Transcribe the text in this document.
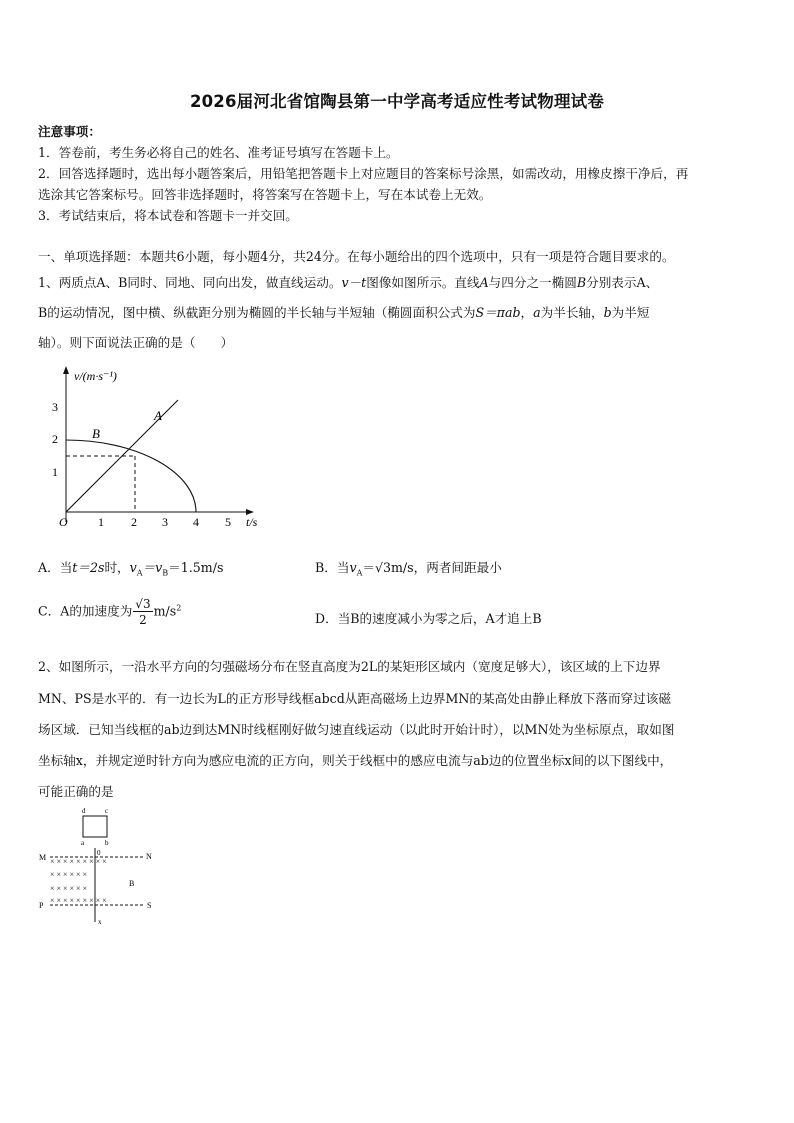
2026届河北省馆陶县第一中学高考适应性考试物理试卷
注意事项：
1．答卷前，考生务必将自己的姓名、准考证号填写在答题卡上。
2．回答选择题时，选出每小题答案后，用铅笔把答题卡上对应题目的答案标号涂黑，如需改动，用橡皮擦干净后，再
选涂其它答案标号。回答非选择题时，将答案写在答题卡上，写在本试卷上无效。
3．考试结束后，将本试卷和答题卡一并交回。
一、单项选择题：本题共6小题，每小题4分，共24分。在每小题给出的四个选项中，只有一项是符合题目要求的。
1、两质点A、B同时、同地、同向出发，做直线运动。v－t图像如图所示。直线A与四分之一椭圆B分别表示A、
B的运动情况，图中横、纵截距分别为椭圆的半长轴与半短轴（椭圆面积公式为S＝πab，a为半长轴，b为半短
轴）。则下面说法正确的是（　　）
v/(m·s⁻¹)
1
2
3
O	1 2 3 4 5 t/s
A
B
A．当t＝2s时，$v_A=v_B=1.5m/s$	B．当$v_A=√3m/s$，两者间距最小
C．A的加速度为 $\frac{√3}{2} m/s^2$
D．当B的速度减小为零之后，A才追上B
2、如图所示，一沿水平方向的匀强磁场分布在竖直高度为2L的某矩形区域内（宽度足够大），该区域的上下边界
MN、PS是水平的．有一边长为L的正方形导线框abcd从距高磁场上边界MN的某高处由静止释放下落而穿过该磁
场区域．已知当线框的ab边到达MN时线框刚好做匀速直线运动（以此时开始计时），以MN处为坐标原点，取如图
坐标轴x，并规定逆时针方向为感应电流的正方向，则关于线框中的感应电流与ab边的位置坐标x间的以下图线中，
可能正确的是
d	c
a	b
0
x
M	N
P	S
B
× × × × × × × × ×
× × × × × ×
× × × × × ×
× × × × × × × × ×
